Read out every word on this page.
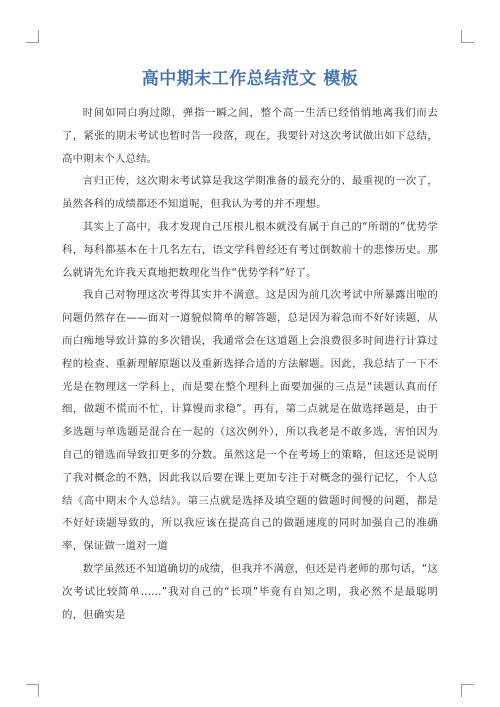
高中期末工作总结范文 模板

时间如同白驹过隙，弹指一瞬之间，整个高一生活已经悄悄地离我们而去了，紧张的期末考试也暂时告一段落，现在，我要针对这次考试做出如下总结，高中期末个人总结。

言归正传，这次期末考试算是我这学期准备的最充分的、最重视的一次了，虽然各科的成绩都还不知道呢，但我认为考的并不理想。

其实上了高中，我才发现自己压根儿根本就没有属于自己的“所谓的”优势学科，每科都基本在十几名左右，语文学科曾经还有考过倒数前十的悲惨历史。那么就请先允许我天真地把数理化当作“优势学科”好了。

我自己对物理这次考得其实并不满意。这是因为前几次考试中所暴露出啦的问题仍然存在——面对一道貌似简单的解答题，总是因为着急而不好好读题，从而白痴地导致计算的多次错误，我通常会在这道题上会浪费很多时间进行计算过程的检查、重新理解原题以及重新选择合适的方法解题。因此，我总结了一下不光是在物理这一学科上，而是要在整个理科上面要加强的三点是“读题认真而仔细，做题不慌而不忙，计算慢而求稳”。再有，第二点就是在做选择题是，由于多选题与单选题是混合在一起的（这次例外），所以我老是不敢多选，害怕因为自己的错选而导致扣更多的分数。虽然这是一个在考场上的策略，但这还是说明了我对概念的不熟，因此我以后要在课上更加专注于对概念的强行记忆，个人总结《高中期末个人总结》。第三点就是选择及填空题的做题时间慢的问题，都是不好好读题导致的，所以我应该在提高自己的做题速度的同时加强自己的准确率，保证做一道对一道

数学虽然还不知道确切的成绩，但我并不满意，但还是肖老师的那句话，“这次考试比较简单……”我对自己的“长项”毕竟有自知之明，我必然不是最聪明的，但确实是
